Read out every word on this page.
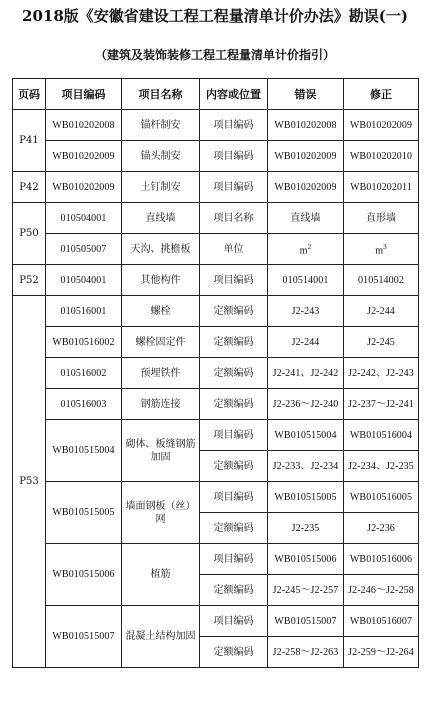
2018版《安徽省建设工程工程量清单计价办法》勘误(一)
（建筑及装饰装修工程工程量清单计价指引）
页码	项目编码	项目名称	内容或位置	错误	修正
P41	WB010202008	锚杆制安	项目编码	WB010202008	WB010202009
	WB010202009	锚头制安	项目编码	WB010202009	WB010202010
P42	WB010202009	土钉制安	项目编码	WB010202009	WB010202011
P50	010504001	直线墙	项目名称	直线墙	直形墙
	010505007	天沟、挑檐板	单位	$m^2$	$m^3$
P52	010504001	其他构件	项目编码	010514001	010514002
P53	010516001	螺栓	定额编码	J2-243	J2-244
	WB010516002	螺栓固定件	定额编码	J2-244	J2-245
	010516002	预埋铁件	定额编码	J2-241、J2-242	J2-242、J2-243
	010516003	钢筋连接	定额编码	J2-236～J2-240	J2-237～J2-241
	WB010515004	砌体、板缝钢筋加固	项目编码	WB010515004	WB010516004
			定额编码	J2-233、J2-234	J2-234、J2-235
	WB010515005	墙面钢板（丝）网	项目编码	WB010515005	WB010516005
			定额编码	J2-235	J2-236
	WB010515006	植筋	项目编码	WB010515006	WB010516006
			定额编码	J2-245～J2-257	J2-246～J2-258
	WB010515007	混凝土结构加固	项目编码	WB010515007	WB010516007
			定额编码	J2-258～J2-263	J2-259～J2-264
